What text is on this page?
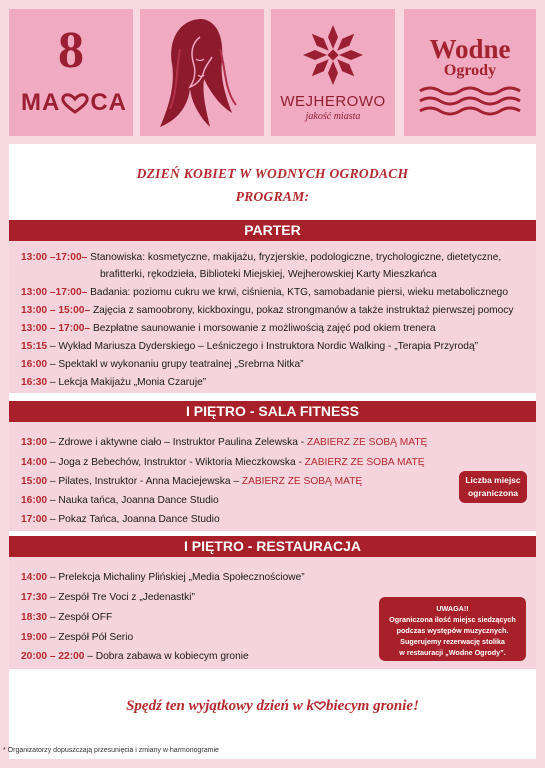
8
MA CA	WEJHEROWO
jakość miasta
Wodne
Ogrody
DZIEŃ KOBIET W WODNYCH OGRODACH
PROGRAM:
PARTER
13:00 –17:00– Stanowiska: kosmetyczne, makijażu, fryzjerskie, podologiczne, trychologiczne, dietetyczne,
brafitterki, rękodzieła, Biblioteki Miejskiej, Wejherowskiej Karty Mieszkańca
13:00 –17:00– Badania: poziomu cukru we krwi, ciśnienia, KTG, samobadanie piersi, wieku metabolicznego
13:00 – 15:00– Zajęcia z samoobrony, kickboxingu, pokaz strongmanów a także instruktaż pierwszej pomocy
13:00 – 17:00– Bezpłatne saunowanie i morsowanie z możliwością zajęć pod okiem trenera
15:15 – Wykład Mariusza Dyderskiego – Leśniczego i Instruktora Nordic Walking - „Terapia Przyrodą”
16:00 – Spektakl w wykonaniu grupy teatralnej „Srebrna Nitka”
16:30 – Lekcja Makijażu „Monia Czaruje”
I PIĘTRO - SALA FITNESS
13:00 – Zdrowe i aktywne ciało – Instruktor Paulina Zelewska - ZABIERZ ZE SOBĄ MATĘ
14:00 – Joga z Bebechów, Instruktor - Wiktoria Mieczkowska - ZABIERZ ZE SOBA MATĘ
15:00 – Pilates, Instruktor - Anna Maciejewska – ZABIERZ ZE SOBĄ MATĘ
16:00 – Nauka tańca, Joanna Dance Studio
17:00 – Pokaz Tańca, Joanna Dance Studio
Liczba miejsc
ograniczona
I PIĘTRO - RESTAURACJA
14:00 – Prelekcja Michaliny Plińskiej „Media Społecznościowe”
17:30 – Zespół Tre Voci z „Jedenastki”
18:30 – Zespół OFF
19:00 – Zespół Pół Serio
20:00 – 22:00 – Dobra zabawa w kobiecym gronie
UWAGA!!
Ograniczona ilość miejsc siedzących
podczas występów muzycznych.
Sugerujemy rezerwację stolika
w restauracji „Wodne Ogrody”.
Spędź ten wyjątkowy dzień w k biecym gronie!
* Organizatorzy dopuszczają przesunięcia i zmiany w harmonogramie
